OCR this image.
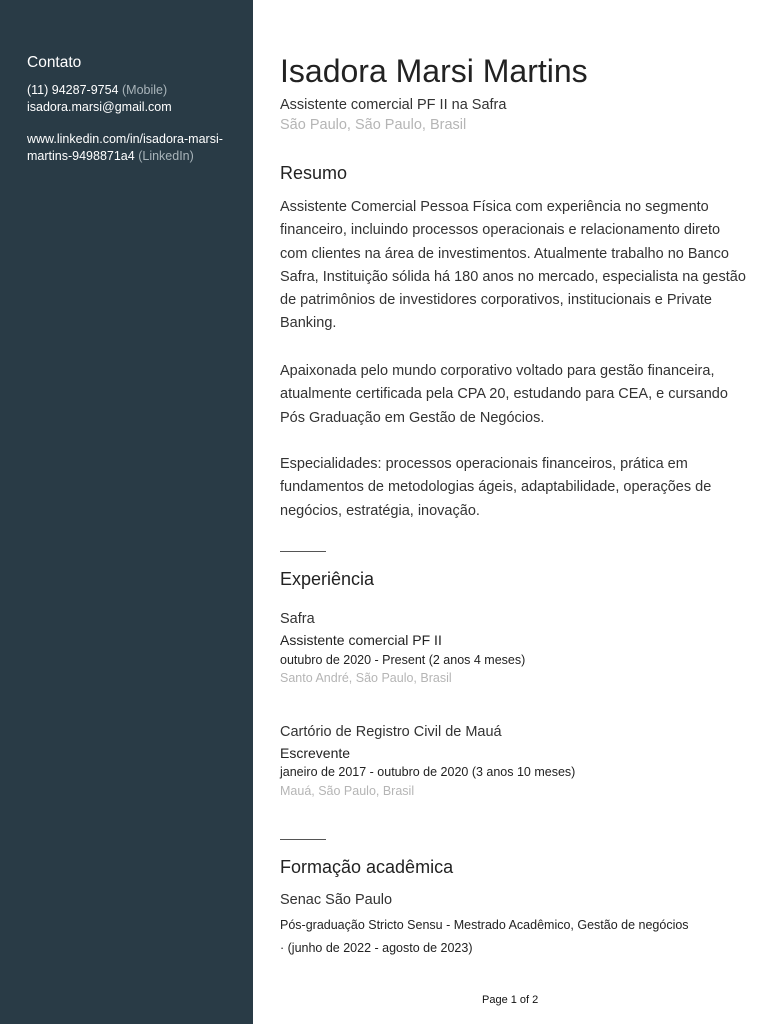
Contato
(11) 94287-9754 (Mobile)
isadora.marsi@gmail.com
www.linkedin.com/in/isadora-marsi-
martins-9498871a4 (LinkedIn)
Isadora Marsi Martins
Assistente comercial PF II na Safra
São Paulo, São Paulo, Brasil
Resumo
Assistente Comercial Pessoa Física com experiência no segmento financeiro, incluindo processos operacionais e relacionamento direto com clientes na área de investimentos. Atualmente trabalho no Banco Safra, Instituição sólida há 180 anos no mercado, especialista na gestão de patrimônios de investidores corporativos, institucionais e Private Banking.
Apaixonada pelo mundo corporativo voltado para gestão financeira, atualmente certificada pela CPA 20, estudando para CEA, e cursando Pós Graduação em Gestão de Negócios.
Especialidades: processos operacionais financeiros, prática em fundamentos de metodologias ágeis, adaptabilidade, operações de negócios, estratégia, inovação.
Experiência
Safra
Assistente comercial PF II
outubro de 2020 - Present (2 anos 4 meses)
Santo André, São Paulo, Brasil
Cartório de Registro Civil de Mauá
Escrevente
janeiro de 2017 - outubro de 2020 (3 anos 10 meses)
Mauá, São Paulo, Brasil
Formação acadêmica
Senac São Paulo
Pós-graduação Stricto Sensu - Mestrado Acadêmico, Gestão de negócios · (junho de 2022 - agosto de 2023)
Page 1 of 2
